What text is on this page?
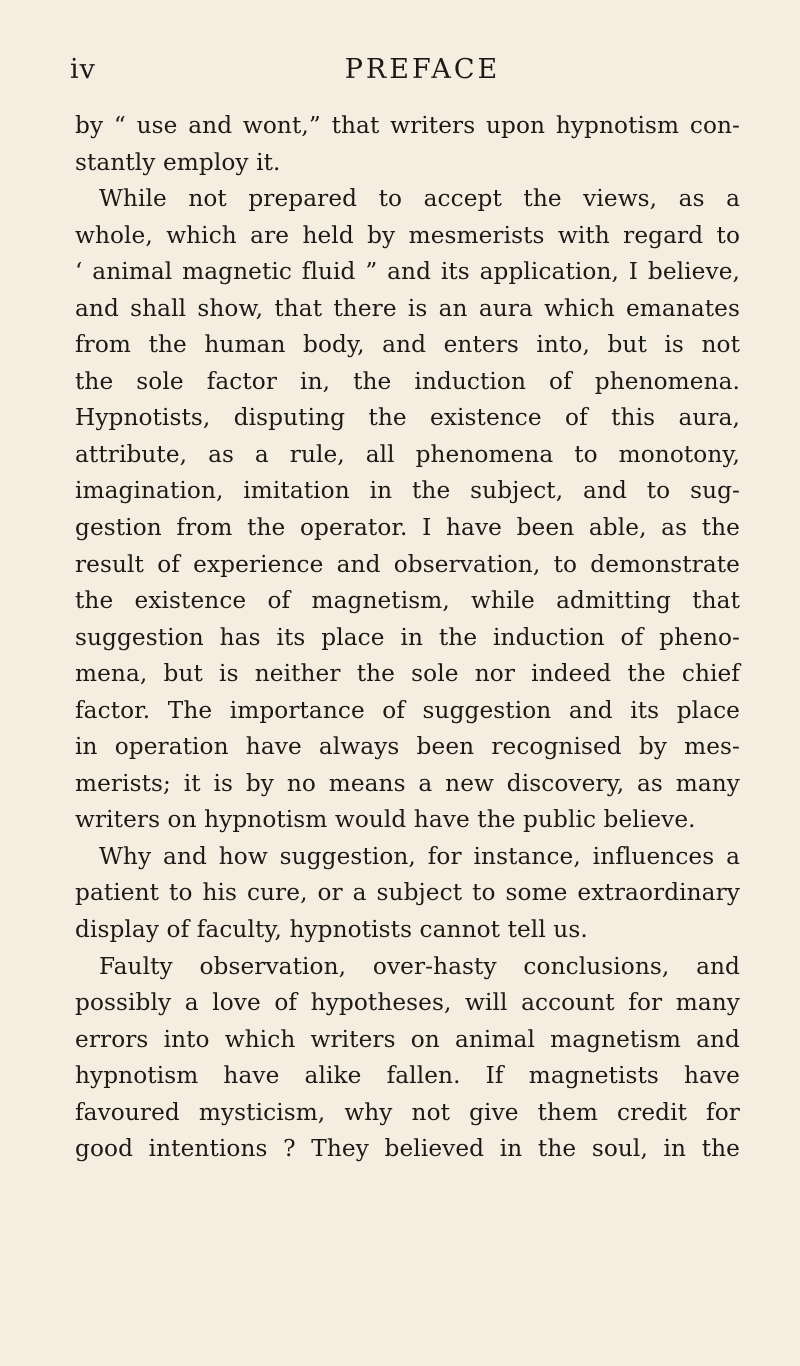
iv	PREFACE
by “ use and wont,” that writers upon hypnotism con-
stantly employ it.
While not prepared to accept the views, as a
whole, which are held by mesmerists with regard to
‘ animal magnetic fluid ” and its application, I believe,
and shall show, that there is an aura which emanates
from the human body, and enters into, but is not
the sole factor in, the induction of phenomena.
Hypnotists, disputing the existence of this aura,
attribute, as a rule, all phenomena to monotony,
imagination, imitation in the subject, and to sug-
gestion from the operator. I have been able, as the
result of experience and observation, to demonstrate
the existence of magnetism, while admitting that
suggestion has its place in the induction of pheno-
mena, but is neither the sole nor indeed the chief
factor. The importance of suggestion and its place
in operation have always been recognised by mes-
merists; it is by no means a new discovery, as many
writers on hypnotism would have the public believe.
Why and how suggestion, for instance, influences a
patient to his cure, or a subject to some extraordinary
display of faculty, hypnotists cannot tell us.
Faulty observation, over-hasty conclusions, and
possibly a love of hypotheses, will account for many
errors into which writers on animal magnetism and
hypnotism have alike fallen. If magnetists have
favoured mysticism, why not give them credit for
good intentions ? They believed in the soul, in the
